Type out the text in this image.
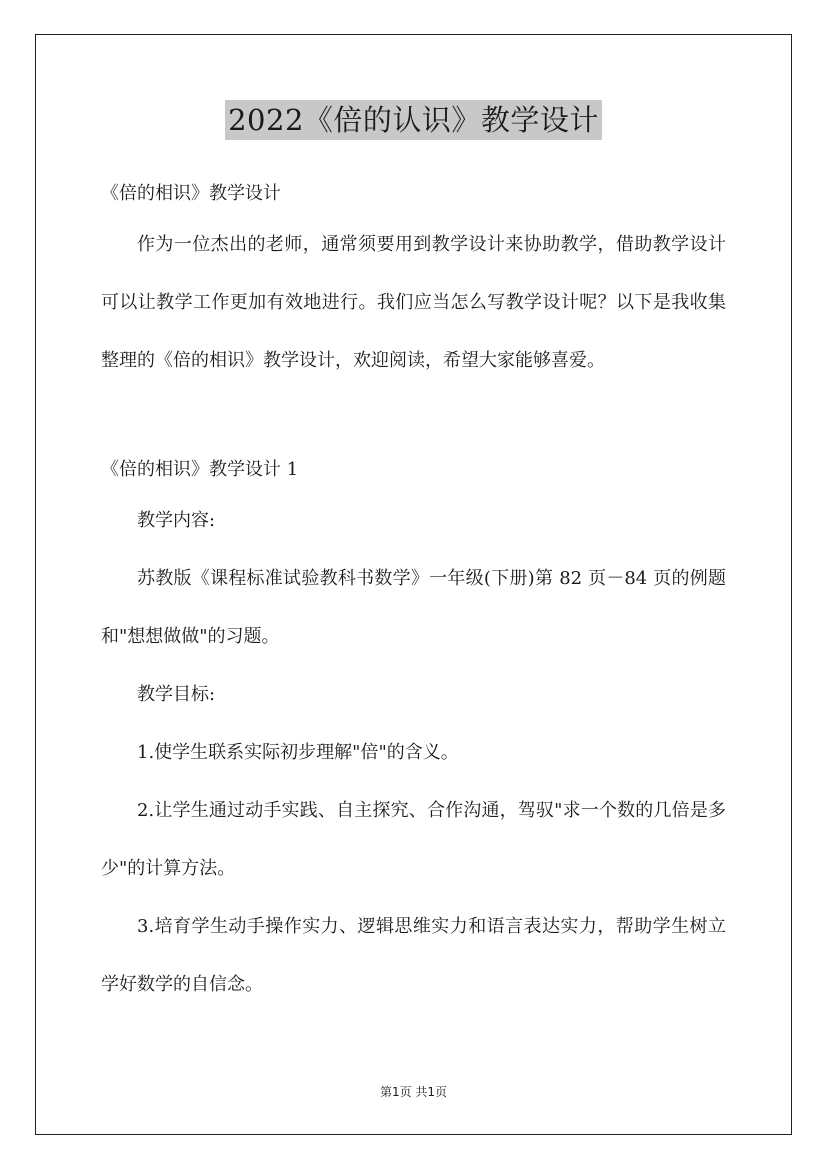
2022《倍的认识》教学设计

《倍的相识》教学设计

作为一位杰出的老师，通常须要用到教学设计来协助教学，借助教学设计可以让教学工作更加有效地进行。我们应当怎么写教学设计呢？以下是我收集整理的《倍的相识》教学设计，欢迎阅读，希望大家能够喜爱。

《倍的相识》教学设计 1

教学内容:

苏教版《课程标准试验教科书数学》一年级(下册)第 82 页－84 页的例题和"想想做做"的习题。

教学目标:

1.使学生联系实际初步理解"倍"的含义。

2.让学生通过动手实践、自主探究、合作沟通，驾驭"求一个数的几倍是多少"的计算方法。

3.培育学生动手操作实力、逻辑思维实力和语言表达实力，帮助学生树立学好数学的自信念。

第1页 共1页
